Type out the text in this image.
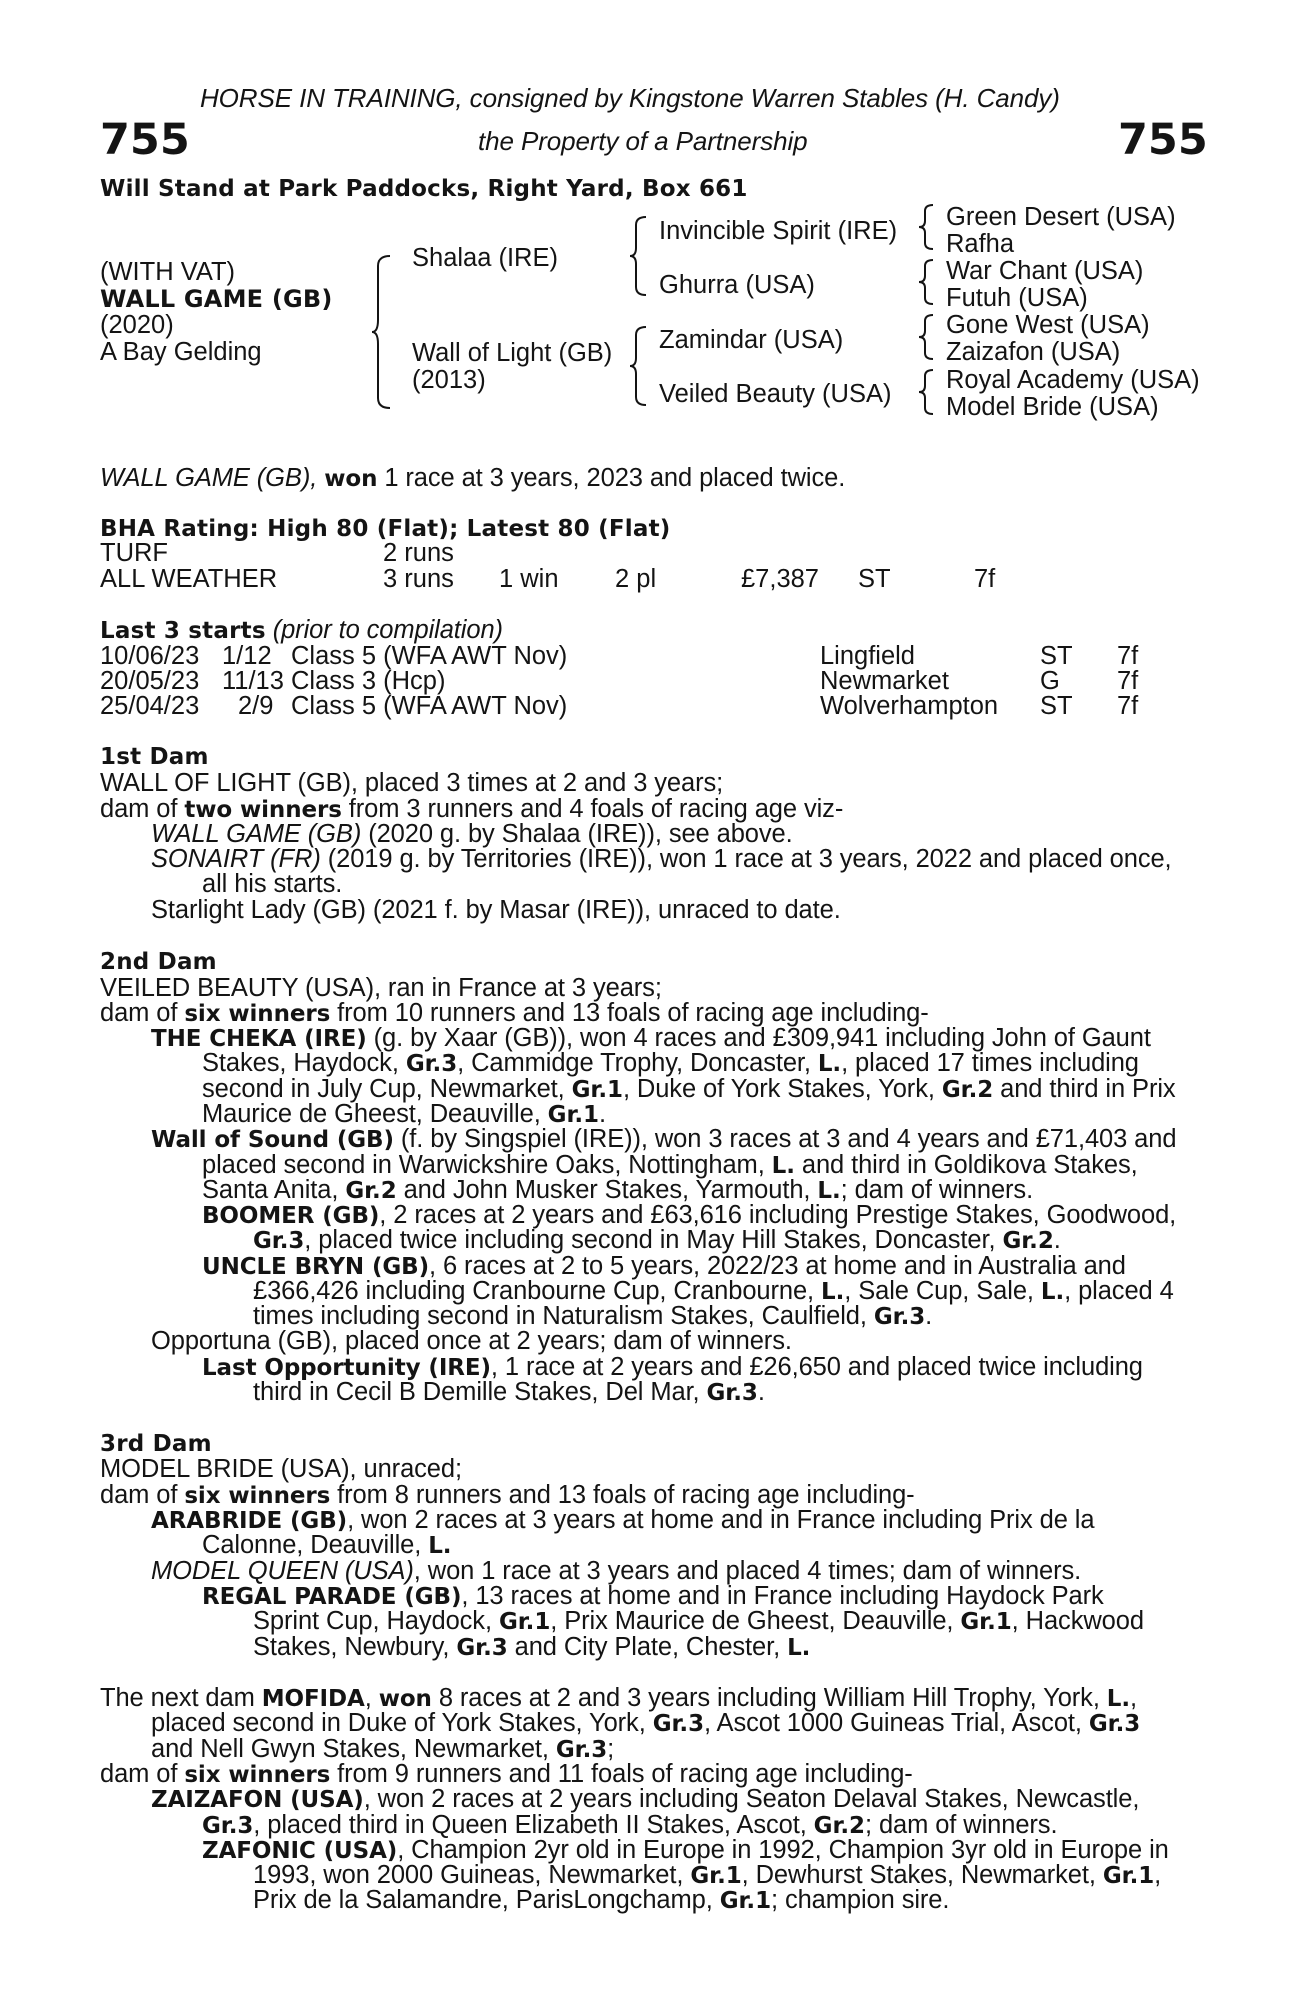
HORSE IN TRAINING, consigned by Kingstone Warren Stables (H. Candy)
755	the Property of a Partnership	755
Will Stand at Park Paddocks, Right Yard, Box 661
(WITH VAT)
WALL GAME (GB)
(2020)
A Bay Gelding
Shalaa (IRE)
Wall of Light (GB)
(2013)
Invincible Spirit (IRE)
Ghurra (USA)
Zamindar (USA)
Veiled Beauty (USA)
Green Desert (USA)
Rafha
War Chant (USA)
Futuh (USA)
Gone West (USA)
Zaizafon (USA)
Royal Academy (USA)
Model Bride (USA)
WALL GAME (GB), won 1 race at 3 years, 2023 and placed twice.
BHA Rating: High 80 (Flat); Latest 80 (Flat)
TURF	2 runs
ALL WEATHER	3 runs 1 win 2 pl	£7,387 ST	7f
Last 3 starts (prior to compilation)
10/06/23 1/12 Class 5 (WFA AWT Nov)	Lingfield	ST 7f
20/05/23 11/13 Class 3 (Hcp)	Newmarket	G 7f
25/04/23 2/9 Class 5 (WFA AWT Nov)	Wolverhampton ST 7f
1st Dam
WALL OF LIGHT (GB), placed 3 times at 2 and 3 years;
dam of two winners from 3 runners and 4 foals of racing age viz-
WALL GAME (GB) (2020 g. by Shalaa (IRE)), see above.
SONAIRT (FR) (2019 g. by Territories (IRE)), won 1 race at 3 years, 2022 and placed once,
all his starts.
Starlight Lady (GB) (2021 f. by Masar (IRE)), unraced to date.
2nd Dam
VEILED BEAUTY (USA), ran in France at 3 years;
dam of six winners from 10 runners and 13 foals of racing age including-
THE CHEKA (IRE) (g. by Xaar (GB)), won 4 races and £309,941 including John of Gaunt
Stakes, Haydock, Gr.3, Cammidge Trophy, Doncaster, L., placed 17 times including
second in July Cup, Newmarket, Gr.1, Duke of York Stakes, York, Gr.2 and third in Prix
Maurice de Gheest, Deauville, Gr.1.
Wall of Sound (GB) (f. by Singspiel (IRE)), won 3 races at 3 and 4 years and £71,403 and
placed second in Warwickshire Oaks, Nottingham, L. and third in Goldikova Stakes,
Santa Anita, Gr.2 and John Musker Stakes, Yarmouth, L.; dam of winners.
BOOMER (GB), 2 races at 2 years and £63,616 including Prestige Stakes, Goodwood,
Gr.3, placed twice including second in May Hill Stakes, Doncaster, Gr.2.
UNCLE BRYN (GB), 6 races at 2 to 5 years, 2022/23 at home and in Australia and
£366,426 including Cranbourne Cup, Cranbourne, L., Sale Cup, Sale, L., placed 4
times including second in Naturalism Stakes, Caulfield, Gr.3.
Opportuna (GB), placed once at 2 years; dam of winners.
Last Opportunity (IRE), 1 race at 2 years and £26,650 and placed twice including
third in Cecil B Demille Stakes, Del Mar, Gr.3.
3rd Dam
MODEL BRIDE (USA), unraced;
dam of six winners from 8 runners and 13 foals of racing age including-
ARABRIDE (GB), won 2 races at 3 years at home and in France including Prix de la
Calonne, Deauville, L.
MODEL QUEEN (USA), won 1 race at 3 years and placed 4 times; dam of winners.
REGAL PARADE (GB), 13 races at home and in France including Haydock Park
Sprint Cup, Haydock, Gr.1, Prix Maurice de Gheest, Deauville, Gr.1, Hackwood
Stakes, Newbury, Gr.3 and City Plate, Chester, L.
The next dam MOFIDA, won 8 races at 2 and 3 years including William Hill Trophy, York, L.,
placed second in Duke of York Stakes, York, Gr.3, Ascot 1000 Guineas Trial, Ascot, Gr.3
and Nell Gwyn Stakes, Newmarket, Gr.3;
dam of six winners from 9 runners and 11 foals of racing age including-
ZAIZAFON (USA), won 2 races at 2 years including Seaton Delaval Stakes, Newcastle,
Gr.3, placed third in Queen Elizabeth II Stakes, Ascot, Gr.2; dam of winners.
ZAFONIC (USA), Champion 2yr old in Europe in 1992, Champion 3yr old in Europe in
1993, won 2000 Guineas, Newmarket, Gr.1, Dewhurst Stakes, Newmarket, Gr.1,
Prix de la Salamandre, ParisLongchamp, Gr.1; champion sire.
